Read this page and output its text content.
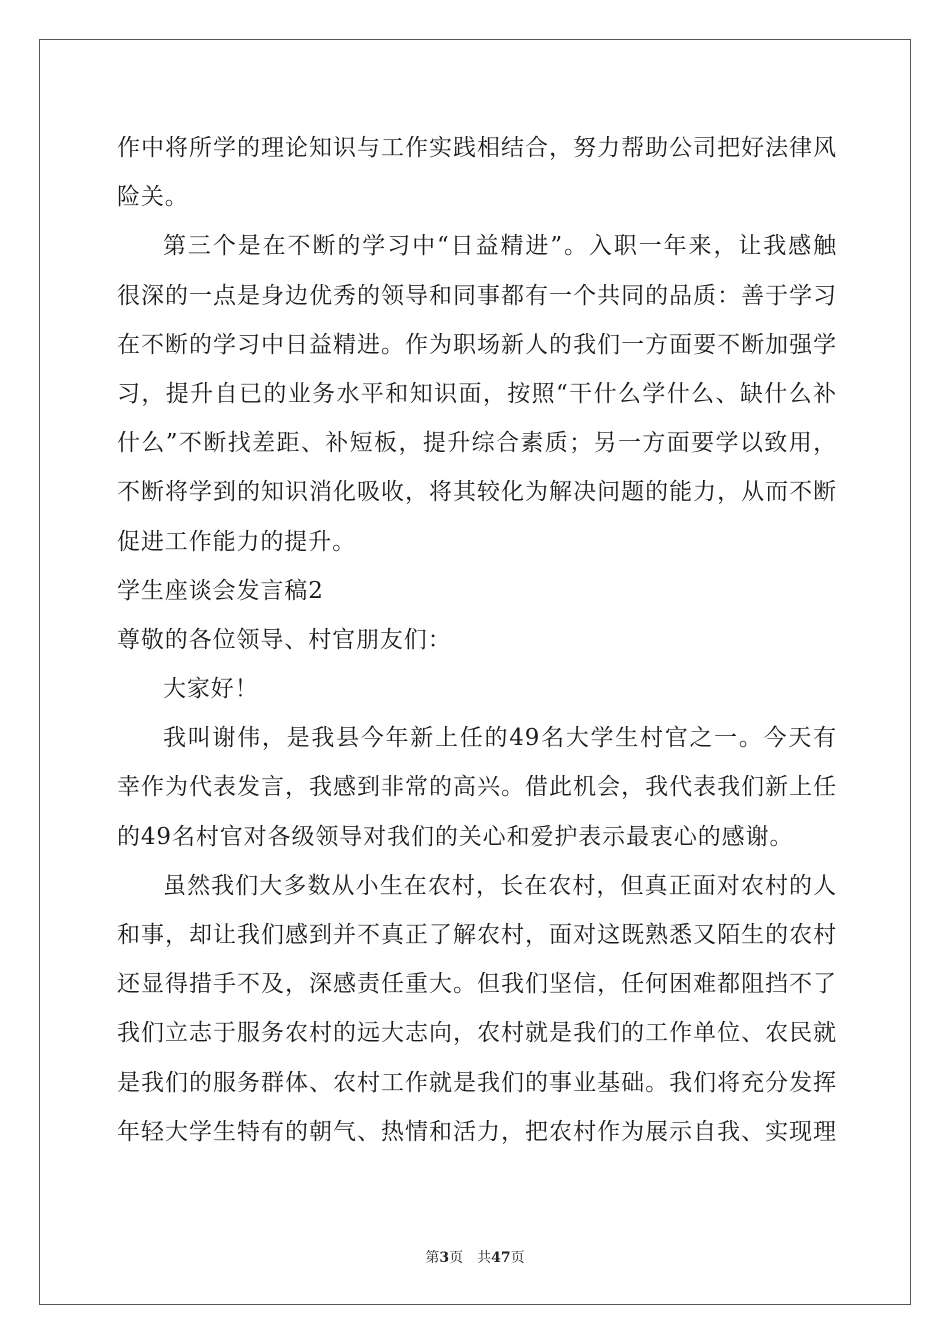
作中将所学的理论知识与工作实践相结合，努力帮助公司把好法律风
险关。
第三个是在不断的学习中“日益精进”。入职一年来，让我感触
很深的一点是身边优秀的领导和同事都有一个共同的品质：善于学习
在不断的学习中日益精进。作为职场新人的我们一方面要不断加强学
习，提升自已的业务水平和知识面，按照“干什么学什么、缺什么补
什么”不断找差距、补短板，提升综合素质；另一方面要学以致用，
不断将学到的知识消化吸收，将其较化为解决问题的能力，从而不断
促进工作能力的提升。
学生座谈会发言稿2
尊敬的各位领导、村官朋友们：
大家好！
我叫谢伟，是我县今年新上任的49名大学生村官之一。今天有
幸作为代表发言，我感到非常的高兴。借此机会，我代表我们新上任
的49名村官对各级领导对我们的关心和爱护表示最衷心的感谢。
虽然我们大多数从小生在农村，长在农村，但真正面对农村的人
和事，却让我们感到并不真正了解农村，面对这既熟悉又陌生的农村
还显得措手不及，深感责任重大。但我们坚信，任何困难都阻挡不了
我们立志于服务农村的远大志向，农村就是我们的工作单位、农民就
是我们的服务群体、农村工作就是我们的事业基础。我们将充分发挥
年轻大学生特有的朝气、热情和活力，把农村作为展示自我、实现理
第3页 共47页
